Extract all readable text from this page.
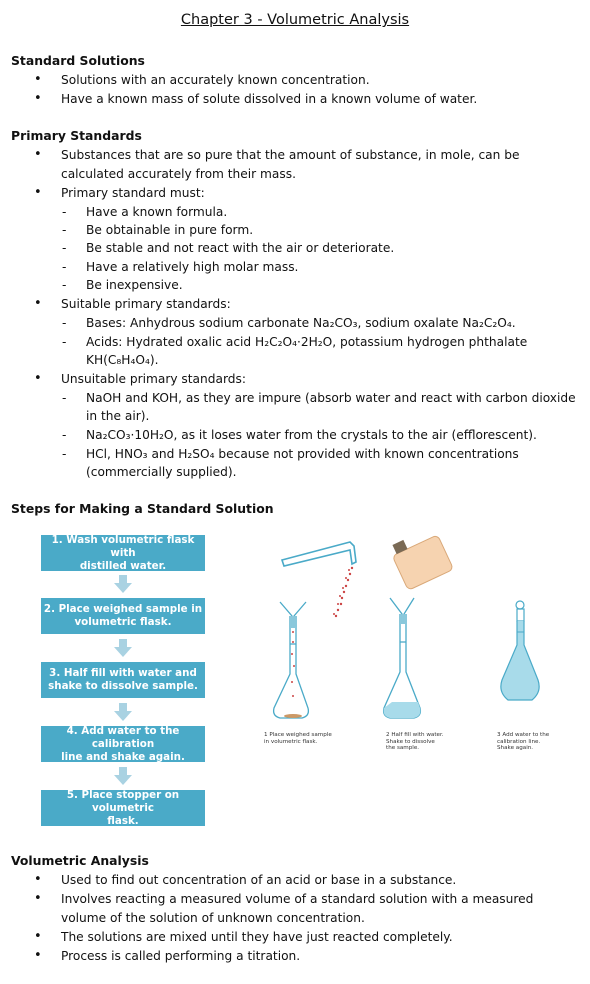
Chapter 3 - Volumetric Analysis
Standard Solutions
• Solutions with an accurately known concentration.
• Have a known mass of solute dissolved in a known volume of water.
Primary Standards
• Substances that are so pure that the amount of substance, in mole, can be
calculated accurately from their mass.
• Primary standard must:
- Have a known formula.
- Be obtainable in pure form.
- Be stable and not react with the air or deteriorate.
- Have a relatively high molar mass.
- Be inexpensive.
• Suitable primary standards:
- Bases: Anhydrous sodium carbonate Na₂CO₃, sodium oxalate Na₂C₂O₄.
- Acids: Hydrated oxalic acid H₂C₂O₄·2H₂O, potassium hydrogen phthalate
KH(C₈H₄O₄).
• Unsuitable primary standards:
- NaOH and KOH, as they are impure (absorb water and react with carbon dioxide
in the air).
- Na₂CO₃·10H₂O, as it loses water from the crystals to the air (efflorescent).
- HCl, HNO₃ and H₂SO₄ because not provided with known concentrations
(commercially supplied).
Steps for Making a Standard Solution
1. Wash volumetric flask with
distilled water.
2. Place weighed sample in
volumetric flask.
3. Half fill with water and
shake to dissolve sample.
4. Add water to the calibration
line and shake again.
5. Place stopper on volumetric
flask.
1 Place weighed sample
in volumetric flask.
2 Half fill with water.
Shake to dissolve
the sample.
3 Add water to the
calibration line.
Shake again.
Volumetric Analysis
• Used to find out concentration of an acid or base in a substance.
• Involves reacting a measured volume of a standard solution with a measured
volume of the solution of unknown concentration.
• The solutions are mixed until they have just reacted completely.
• Process is called performing a titration.
